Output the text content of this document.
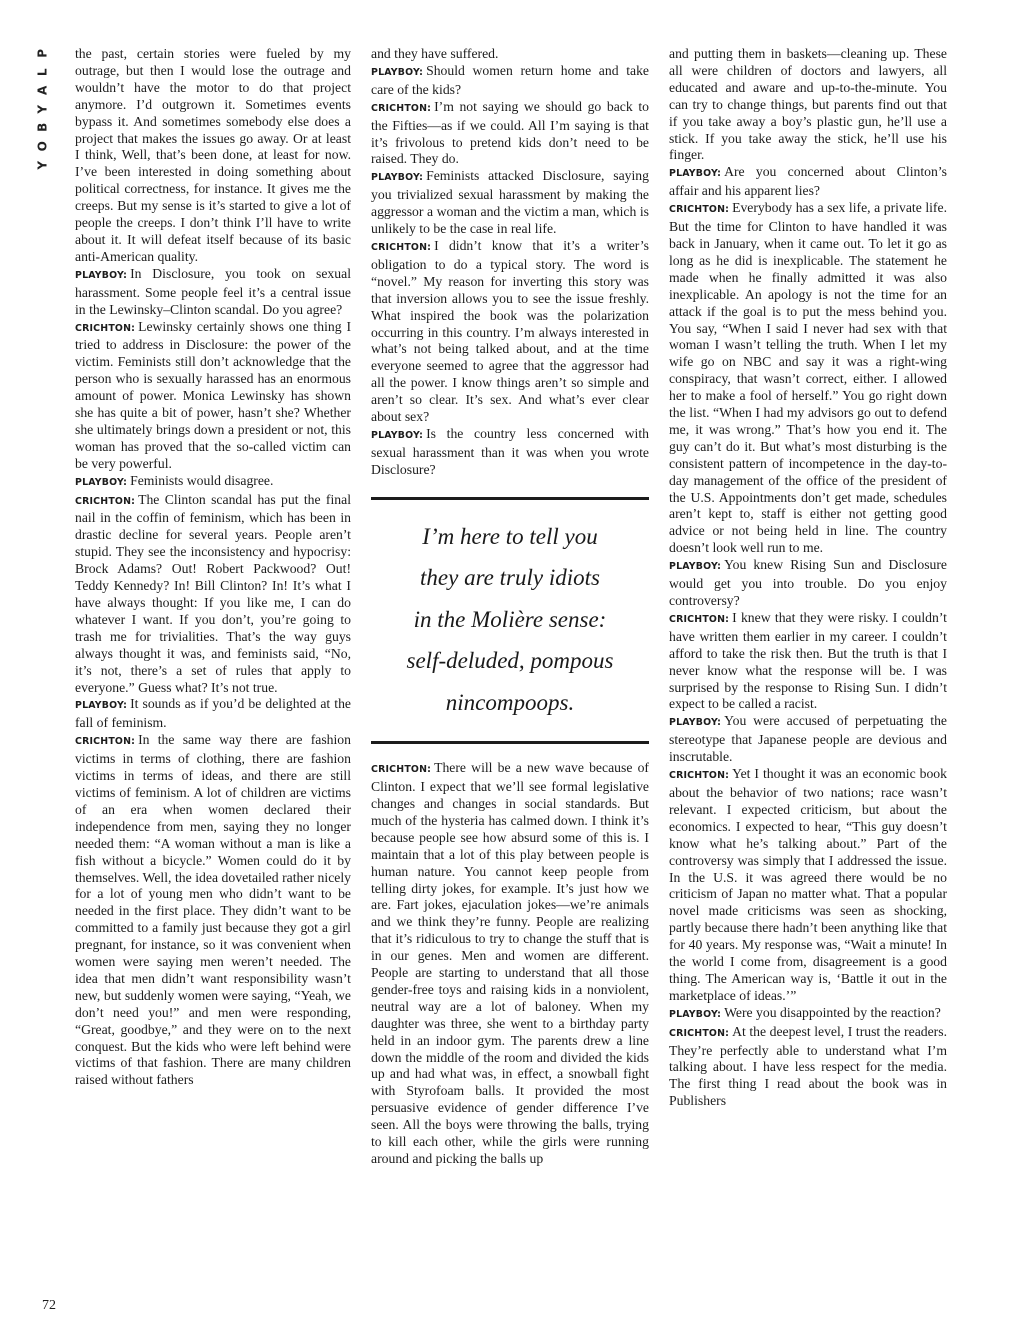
P
L
A
Y
B
O
Y

the past, certain stories were fueled by my outrage, but then I would lose the outrage and wouldn’t have the motor to do that project anymore. I’d outgrown it. Sometimes events bypass it. And sometimes somebody else does a project that makes the issues go away. Or at least I think, Well, that’s been done, at least for now. I’ve been interested in doing something about political correctness, for instance. It gives me the creeps. But my sense is it’s started to give a lot of people the creeps. I don’t think I’ll have to write about it. It will defeat itself because of its basic anti-American quality.

PLAYBOY: In Disclosure, you took on sexual harassment. Some people feel it’s a central issue in the Lewinsky–Clinton scandal. Do you agree?

CRICHTON: Lewinsky certainly shows one thing I tried to address in Disclosure: the power of the victim. Feminists still don’t acknowledge that the person who is sexually harassed has an enormous amount of power. Monica Lewinsky has shown she has quite a bit of power, hasn’t she? Whether she ultimately brings down a president or not, this woman has proved that the so-called victim can be very powerful.

PLAYBOY: Feminists would disagree.

CRICHTON: The Clinton scandal has put the final nail in the coffin of feminism, which has been in drastic decline for several years. People aren’t stupid. They see the inconsistency and hypocrisy: Brock Adams? Out! Robert Packwood? Out! Teddy Kennedy? In! Bill Clinton? In! It’s what I have always thought: If you like me, I can do whatever I want. If you don’t, you’re going to trash me for trivialities. That’s the way guys always thought it was, and feminists said, “No, it’s not, there’s a set of rules that apply to everyone.” Guess what? It’s not true.

PLAYBOY: It sounds as if you’d be delighted at the fall of feminism.

CRICHTON: In the same way there are fashion victims in terms of clothing, there are fashion victims in terms of ideas, and there are still victims of feminism. A lot of children are victims of an era when women declared their independence from men, saying they no longer needed them: “A woman without a man is like a fish without a bicycle.” Women could do it by themselves. Well, the idea dovetailed rather nicely for a lot of young men who didn’t want to be needed in the first place. They didn’t want to be committed to a family just because they got a girl pregnant, for instance, so it was convenient when women were saying men weren’t needed. The idea that men didn’t want responsibility wasn’t new, but suddenly women were saying, “Yeah, we don’t need you!” and men were responding, “Great, goodbye,” and they were on to the next conquest. But the kids who were left behind were victims of that fashion. There are many children raised without fathers

and they have suffered.

PLAYBOY: Should women return home and take care of the kids?

CRICHTON: I’m not saying we should go back to the Fifties—as if we could. All I’m saying is that it’s frivolous to pretend kids don’t need to be raised. They do.

PLAYBOY: Feminists attacked Disclosure, saying you trivialized sexual harassment by making the aggressor a woman and the victim a man, which is unlikely to be the case in real life.

CRICHTON: I didn’t know that it’s a writer’s obligation to do a typical story. The word is “novel.” My reason for inverting this story was that inversion allows you to see the issue freshly. What inspired the book was the polarization occurring in this country. I’m always interested in what’s not being talked about, and at the time everyone seemed to agree that the aggressor had all the power. I know things aren’t so simple and aren’t so clear. It’s sex. And what’s ever clear about sex?

PLAYBOY: Is the country less concerned with sexual harassment than it was when you wrote Disclosure?

I’m here to tell you

they are truly idiots

in the Molière sense:

self-deluded, pompous

nincompoops.

CRICHTON: There will be a new wave because of Clinton. I expect that we’ll see formal legislative changes and changes in social standards. But much of the hysteria has calmed down. I think it’s because people see how absurd some of this is. I maintain that a lot of this play between people is human nature. You cannot keep people from telling dirty jokes, for example. It’s just how we are. Fart jokes, ejaculation jokes—we’re animals and we think they’re funny. People are realizing that it’s ridiculous to try to change the stuff that is in our genes. Men and women are different. People are starting to understand that all those gender-free toys and raising kids in a nonviolent, neutral way are a lot of baloney. When my daughter was three, she went to a birthday party held in an indoor gym. The parents drew a line down the middle of the room and divided the kids up and had what was, in effect, a snowball fight with Styrofoam balls. It provided the most persuasive evidence of gender difference I’ve seen. All the boys were throwing the balls, trying to kill each other, while the girls were running around and picking the balls up

and putting them in baskets—cleaning up. These all were children of doctors and lawyers, all educated and aware and up-to-the-minute. You can try to change things, but parents find out that if you take away a boy’s plastic gun, he’ll use a stick. If you take away the stick, he’ll use his finger.

PLAYBOY: Are you concerned about Clinton’s affair and his apparent lies?

CRICHTON: Everybody has a sex life, a private life. But the time for Clinton to have handled it was back in January, when it came out. To let it go as long as he did is inexplicable. The statement he made when he finally admitted it was also inexplicable. An apology is not the time for an attack if the goal is to put the mess behind you. You say, “When I said I never had sex with that woman I wasn’t telling the truth. When I let my wife go on NBC and say it was a right-wing conspiracy, that wasn’t correct, either. I allowed her to make a fool of herself.” You go right down the list. “When I had my advisors go out to defend me, it was wrong.” That’s how you end it. The guy can’t do it. But what’s most disturbing is the consistent pattern of incompetence in the day-to-day management of the office of the president of the U.S. Appointments don’t get made, schedules aren’t kept to, staff is either not getting good advice or not being held in line. The country doesn’t look well run to me.

PLAYBOY: You knew Rising Sun and Disclosure would get you into trouble. Do you enjoy controversy?

CRICHTON: I knew that they were risky. I couldn’t have written them earlier in my career. I couldn’t afford to take the risk then. But the truth is that I never know what the response will be. I was surprised by the response to Rising Sun. I didn’t expect to be called a racist.

PLAYBOY: You were accused of perpetuating the stereotype that Japanese people are devious and inscrutable.

CRICHTON: Yet I thought it was an economic book about the behavior of two nations; race wasn’t relevant. I expected criticism, but about the economics. I expected to hear, “This guy doesn’t know what he’s talking about.” Part of the controversy was simply that I addressed the issue. In the U.S. it was agreed there would be no criticism of Japan no matter what. That a popular novel made criticisms was seen as shocking, partly because there hadn’t been anything like that for 40 years. My response was, “Wait a minute! In the world I come from, disagreement is a good thing. The American way is, ‘Battle it out in the marketplace of ideas.’”

PLAYBOY: Were you disappointed by the reaction?

CRICHTON: At the deepest level, I trust the readers. They’re perfectly able to understand what I’m talking about. I have less respect for the media. The first thing I read about the book was in Publishers

72
